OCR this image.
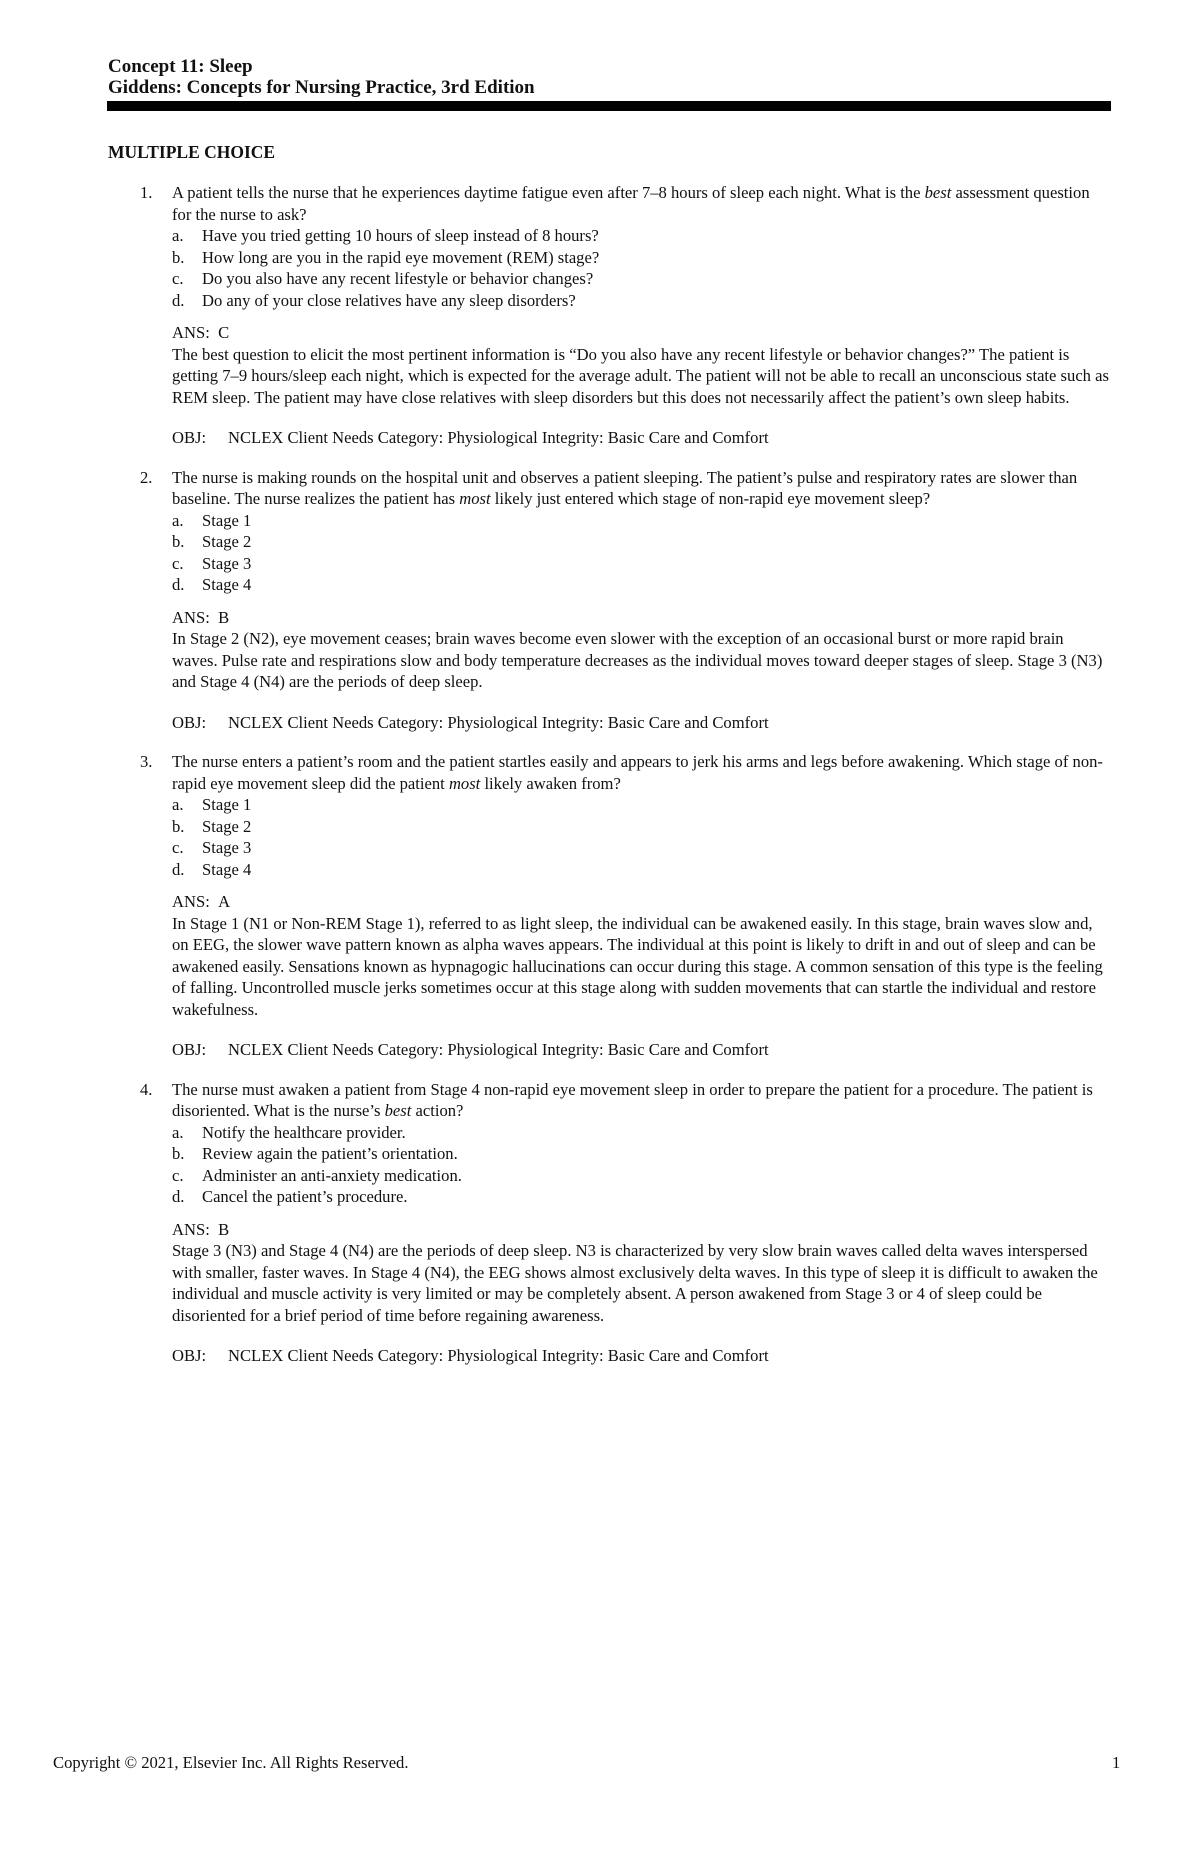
Concept 11: Sleep
Giddens: Concepts for Nursing Practice, 3rd Edition
MULTIPLE CHOICE
1. A patient tells the nurse that he experiences daytime fatigue even after 7–8 hours of sleep each night. What is the best assessment question for the nurse to ask?
a. Have you tried getting 10 hours of sleep instead of 8 hours?
b. How long are you in the rapid eye movement (REM) stage?
c. Do you also have any recent lifestyle or behavior changes?
d. Do any of your close relatives have any sleep disorders?
ANS: C
The best question to elicit the most pertinent information is “Do you also have any recent lifestyle or behavior changes?” The patient is getting 7–9 hours/sleep each night, which is expected for the average adult. The patient will not be able to recall an unconscious state such as REM sleep. The patient may have close relatives with sleep disorders but this does not necessarily affect the patient’s own sleep habits.
OBJ: NCLEX Client Needs Category: Physiological Integrity: Basic Care and Comfort
2. The nurse is making rounds on the hospital unit and observes a patient sleeping. The patient’s pulse and respiratory rates are slower than baseline. The nurse realizes the patient has most likely just entered which stage of non-rapid eye movement sleep?
a. Stage 1
b. Stage 2
c. Stage 3
d. Stage 4
ANS: B
In Stage 2 (N2), eye movement ceases; brain waves become even slower with the exception of an occasional burst or more rapid brain waves. Pulse rate and respirations slow and body temperature decreases as the individual moves toward deeper stages of sleep. Stage 3 (N3) and Stage 4 (N4) are the periods of deep sleep.
OBJ: NCLEX Client Needs Category: Physiological Integrity: Basic Care and Comfort
3. The nurse enters a patient’s room and the patient startles easily and appears to jerk his arms and legs before awakening. Which stage of non-rapid eye movement sleep did the patient most likely awaken from?
a. Stage 1
b. Stage 2
c. Stage 3
d. Stage 4
ANS: A
In Stage 1 (N1 or Non-REM Stage 1), referred to as light sleep, the individual can be awakened easily. In this stage, brain waves slow and, on EEG, the slower wave pattern known as alpha waves appears. The individual at this point is likely to drift in and out of sleep and can be awakened easily. Sensations known as hypnagogic hallucinations can occur during this stage. A common sensation of this type is the feeling of falling. Uncontrolled muscle jerks sometimes occur at this stage along with sudden movements that can startle the individual and restore wakefulness.
OBJ: NCLEX Client Needs Category: Physiological Integrity: Basic Care and Comfort
4. The nurse must awaken a patient from Stage 4 non-rapid eye movement sleep in order to prepare the patient for a procedure. The patient is disoriented. What is the nurse’s best action?
a. Notify the healthcare provider.
b. Review again the patient’s orientation.
c. Administer an anti-anxiety medication.
d. Cancel the patient’s procedure.
ANS: B
Stage 3 (N3) and Stage 4 (N4) are the periods of deep sleep. N3 is characterized by very slow brain waves called delta waves interspersed with smaller, faster waves. In Stage 4 (N4), the EEG shows almost exclusively delta waves. In this type of sleep it is difficult to awaken the individual and muscle activity is very limited or may be completely absent. A person awakened from Stage 3 or 4 of sleep could be disoriented for a brief period of time before regaining awareness.
OBJ: NCLEX Client Needs Category: Physiological Integrity: Basic Care and Comfort
Copyright © 2021, Elsevier Inc. All Rights Reserved.	1
